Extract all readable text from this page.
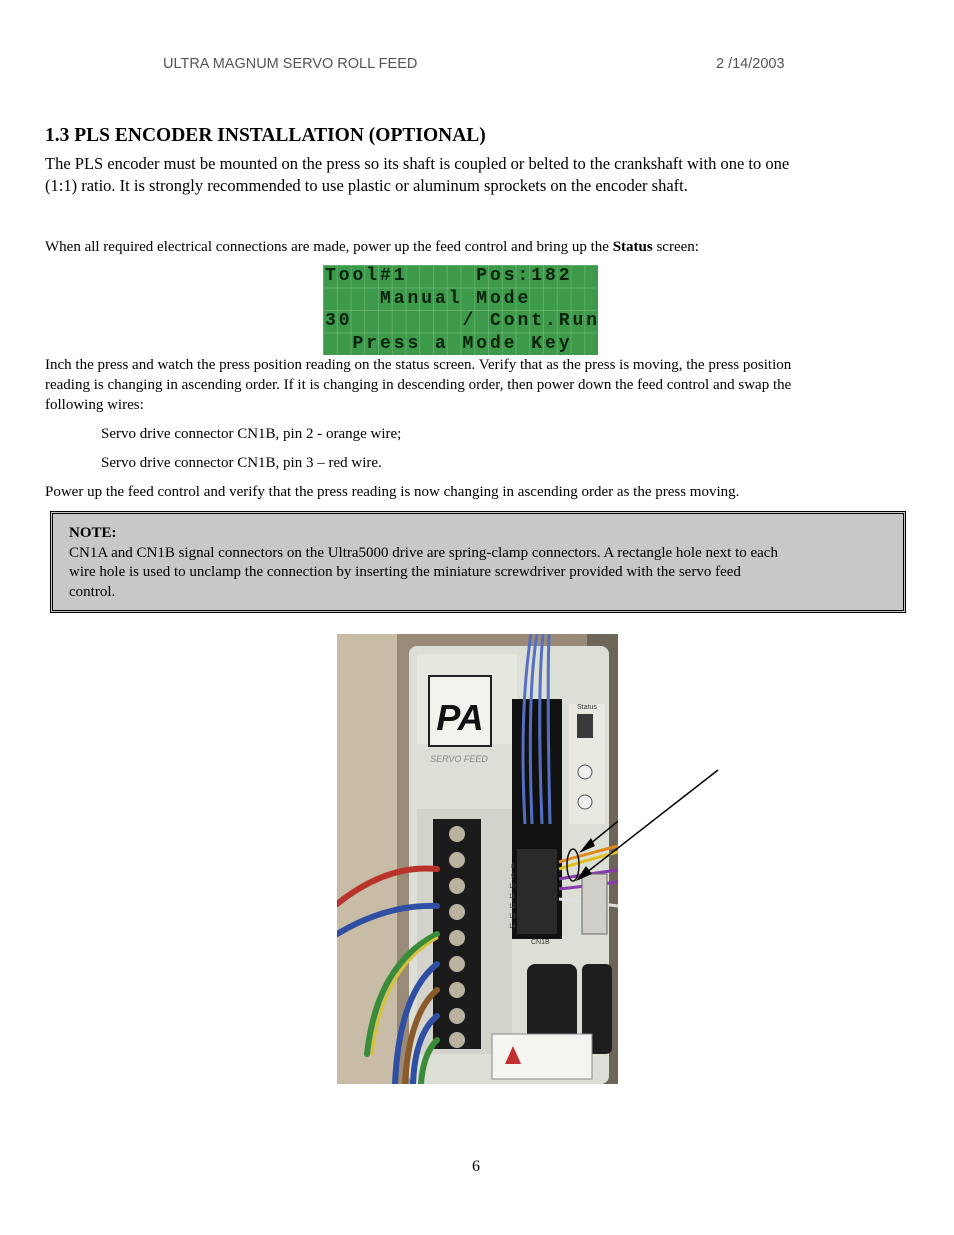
ULTRA MAGNUM SERVO ROLL FEED	2 /14/2003
1.3 PLS ENCODER INSTALLATION (OPTIONAL)
The PLS encoder must be mounted on the press so its shaft is coupled or belted to the crankshaft with one to one
(1:1) ratio. It is strongly recommended to use plastic or aluminum sprockets on the encoder shaft.
When all required electrical connections are made, power up the feed control and bring up the Status screen:
Tool#1     Pos:182
Manual Mode
30        / Cont.Run
Press a Mode Key
Inch the press and watch the press position reading on the status screen. Verify that as the press is moving, the press position
reading is changing in ascending order. If it is changing in descending order, then power down the feed control and swap the
following wires:
Servo drive connector CN1B, pin 2 - orange wire;
Servo drive connector CN1B, pin 3 – red wire.
Power up the feed control and verify that the press reading is now changing in ascending order as the press moving.
NOTE:
CN1A and CN1B signal connectors on the Ultra5000 drive are spring-clamp connectors. A rectangle hole next to each
wire hole is used to unclamp the connection by inserting the miniature screwdriver provided with the servo feed
control.
PA
SERVO FEED
8
9
10
11
12
13
14
CN1B
Status
6
